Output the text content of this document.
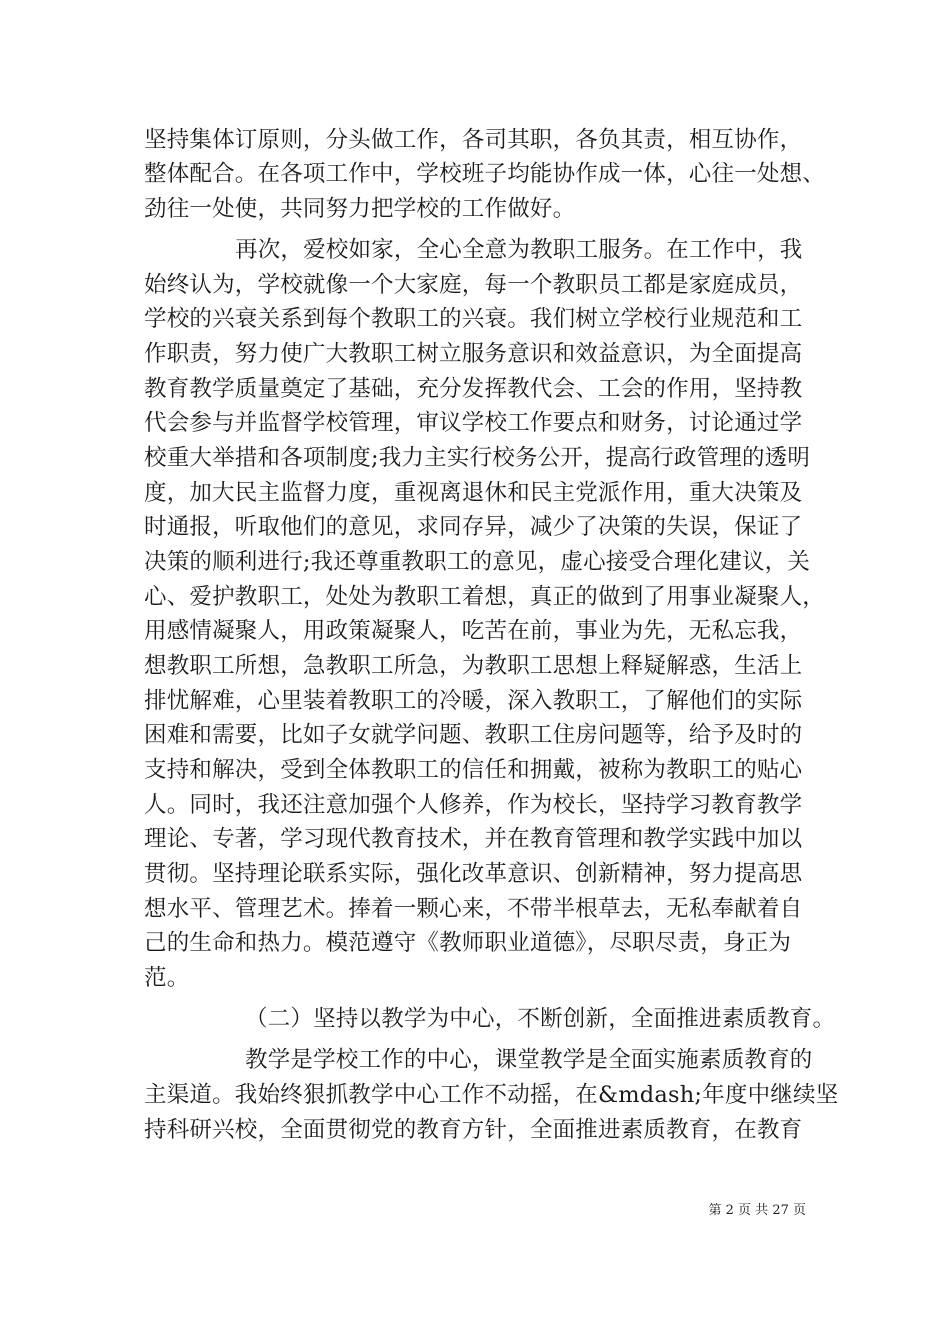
坚持集体订原则，分头做工作，各司其职，各负其责，相互协作，
整体配合。在各项工作中，学校班子均能协作成一体，心往一处想、
劲往一处使，共同努力把学校的工作做好。
再次，爱校如家，全心全意为教职工服务。在工作中，我
始终认为，学校就像一个大家庭，每一个教职员工都是家庭成员，
学校的兴衰关系到每个教职工的兴衰。我们树立学校行业规范和工
作职责，努力使广大教职工树立服务意识和效益意识，为全面提高
教育教学质量奠定了基础，充分发挥教代会、工会的作用，坚持教
代会参与并监督学校管理，审议学校工作要点和财务，讨论通过学
校重大举措和各项制度;我力主实行校务公开，提高行政管理的透明
度，加大民主监督力度，重视离退休和民主党派作用，重大决策及
时通报，听取他们的意见，求同存异，减少了决策的失误，保证了
决策的顺利进行;我还尊重教职工的意见，虚心接受合理化建议，关
心、爱护教职工，处处为教职工着想，真正的做到了用事业凝聚人，
用感情凝聚人，用政策凝聚人，吃苦在前，事业为先，无私忘我，
想教职工所想，急教职工所急，为教职工思想上释疑解惑，生活上
排忧解难，心里装着教职工的冷暖，深入教职工，了解他们的实际
困难和需要，比如子女就学问题、教职工住房问题等，给予及时的
支持和解决，受到全体教职工的信任和拥戴，被称为教职工的贴心
人。同时，我还注意加强个人修养，作为校长，坚持学习教育教学
理论、专著，学习现代教育技术，并在教育管理和教学实践中加以
贯彻。坚持理论联系实际，强化改革意识、创新精神，努力提高思
想水平、管理艺术。捧着一颗心来，不带半根草去，无私奉献着自
己的生命和热力。模范遵守《教师职业道德》，尽职尽责，身正为
范。
（二）坚持以教学为中心，不断创新，全面推进素质教育。
教学是学校工作的中心，课堂教学是全面实施素质教育的
主渠道。我始终狠抓教学中心工作不动摇，在&mdash;年度中继续坚
持科研兴校，全面贯彻党的教育方针，全面推进素质教育，在教育
第 2 页 共 27 页
